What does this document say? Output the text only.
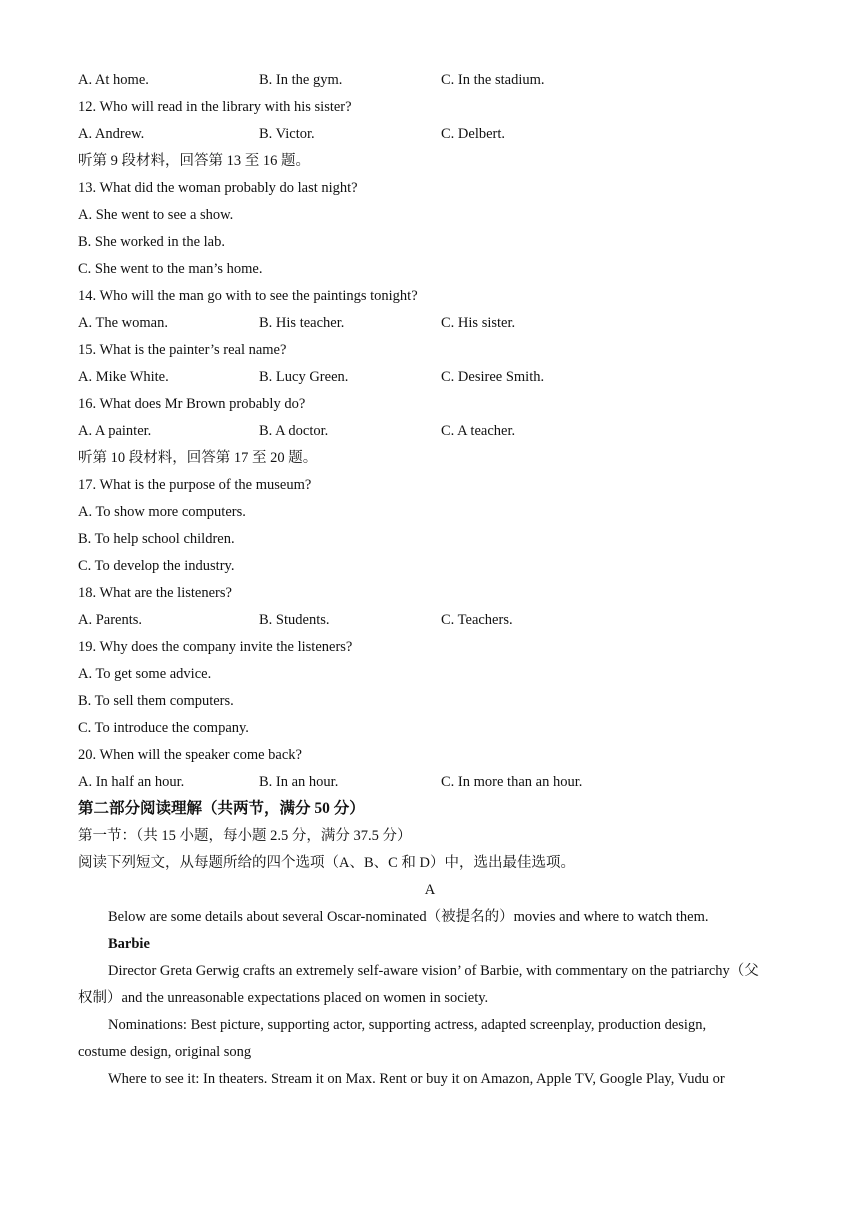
A. At home.	B. In the gym.	C. In the stadium.
12. Who will read in the library with his sister?
A. Andrew.	B. Victor.	C. Delbert.
听第 9 段材料，回答第 13 至 16 题。
13. What did the woman probably do last night?
A. She went to see a show.
B. She worked in the lab.
C. She went to the man’s home.
14. Who will the man go with to see the paintings tonight?
A. The woman.	B. His teacher.	C. His sister.
15. What is the painter’s real name?
A. Mike White.	B. Lucy Green.	C. Desiree Smith.
16. What does Mr Brown probably do?
A. A painter.	B. A doctor.	C. A teacher.
听第 10 段材料，回答第 17 至 20 题。
17. What is the purpose of the museum?
A. To show more computers.
B. To help school children.
C. To develop the industry.
18. What are the listeners?
A. Parents.	B. Students.	C. Teachers.
19. Why does the company invite the listeners?
A. To get some advice.
B. To sell them computers.
C. To introduce the company.
20. When will the speaker come back?
A. In half an hour.	B. In an hour.	C. In more than an hour.
第二部分阅读理解（共两节，满分 50 分）
第一节：（共 15 小题，每小题 2.5 分，满分 37.5 分）
阅读下列短文，从每题所给的四个选项（A、B、C 和 D）中，选出最佳选项。
A
Below are some details about several Oscar-nominated（被提名的）movies and where to watch them.
Barbie
Director Greta Gerwig crafts an extremely self-aware vision’ of Barbie, with commentary on the patriarchy（父
权制）and the unreasonable expectations placed on women in society.
Nominations: Best picture, supporting actor, supporting actress, adapted screenplay, production design,
costume design, original song
Where to see it: In theaters. Stream it on Max. Rent or buy it on Amazon, Apple TV, Google Play, Vudu or
